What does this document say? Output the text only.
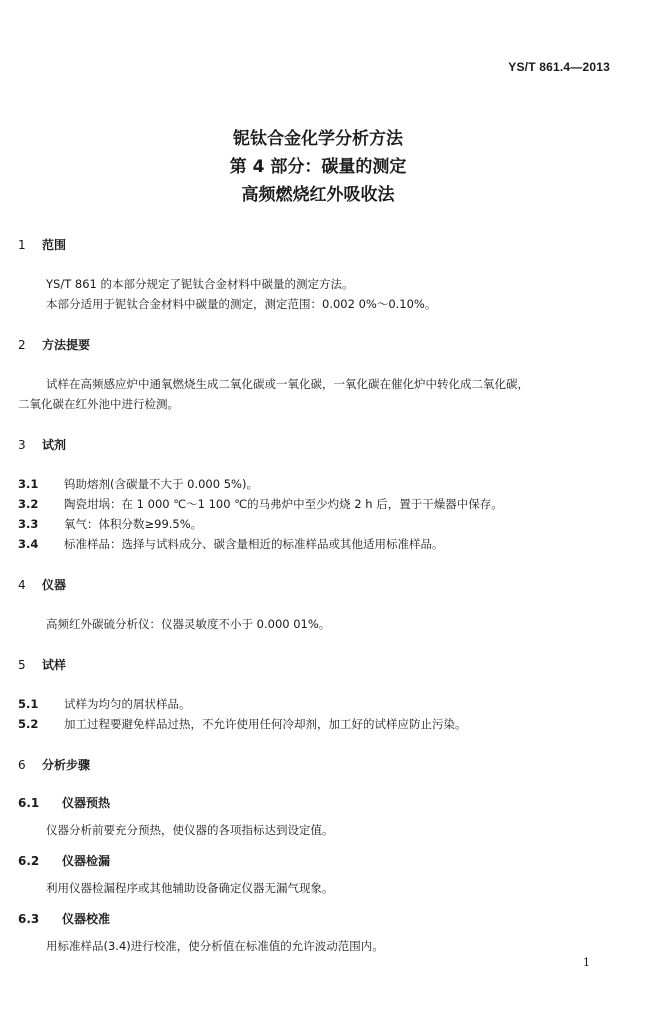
YS/T 861.4—2013
铌钛合金化学分析方法
第 4 部分：碳量的测定
高频燃烧红外吸收法
1 范围
YS/T 861 的本部分规定了铌钛合金材料中碳量的测定方法。
本部分适用于铌钛合金材料中碳量的测定，测定范围：0.002 0%～0.10%。
2 方法提要
试样在高频感应炉中通氧燃烧生成二氧化碳或一氧化碳，一氧化碳在催化炉中转化成二氧化碳，
二氧化碳在红外池中进行检测。
3 试剂
3.1 钨助熔剂(含碳量不大于 0.000 5%)。
3.2 陶瓷坩埚：在 1 000 ℃～1 100 ℃的马弗炉中至少灼烧 2 h 后，置于干燥器中保存。
3.3 氧气：体积分数≥99.5%。
3.4 标准样品：选择与试料成分、碳含量相近的标准样品或其他适用标准样品。
4 仪器
高频红外碳硫分析仪：仪器灵敏度不小于 0.000 01%。
5 试样
5.1 试样为均匀的屑状样品。
5.2 加工过程要避免样品过热，不允许使用任何冷却剂，加工好的试样应防止污染。
6 分析步骤
6.1 仪器预热
仪器分析前要充分预热，使仪器的各项指标达到设定值。
6.2 仪器检漏
利用仪器检漏程序或其他辅助设备确定仪器无漏气现象。
6.3 仪器校准
用标准样品(3.4)进行校准，使分析值在标准值的允许波动范围内。
1
